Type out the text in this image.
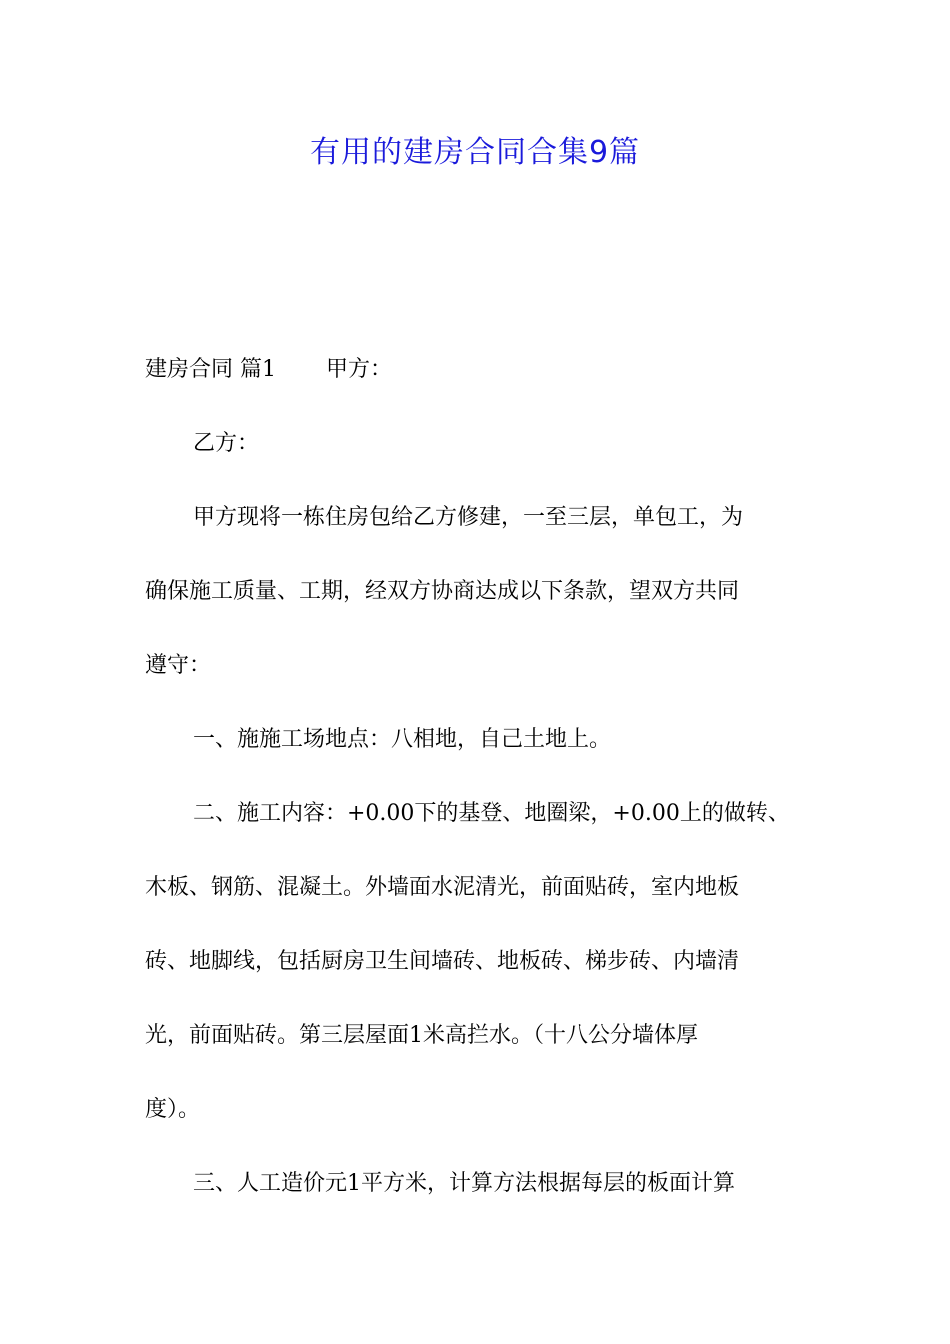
有用的建房合同合集9篇
建房合同 篇1 甲方：
乙方：
甲方现将一栋住房包给乙方修建，一至三层，单包工，为
确保施工质量、工期，经双方协商达成以下条款，望双方共同
遵守：
一、施施工场地点：八相地，自己土地上。
二、施工内容：+0.00下的基登、地圈梁，+0.00上的做转、
木板、钢筋、混凝土。外墙面水泥清光，前面贴砖，室内地板
砖、地脚线，包括厨房卫生间墙砖、地板砖、梯步砖、内墙清
光，前面贴砖。第三层屋面1米高拦水。（十八公分墙体厚
度）。
三、人工造价元1平方米，计算方法根据每层的板面计算
